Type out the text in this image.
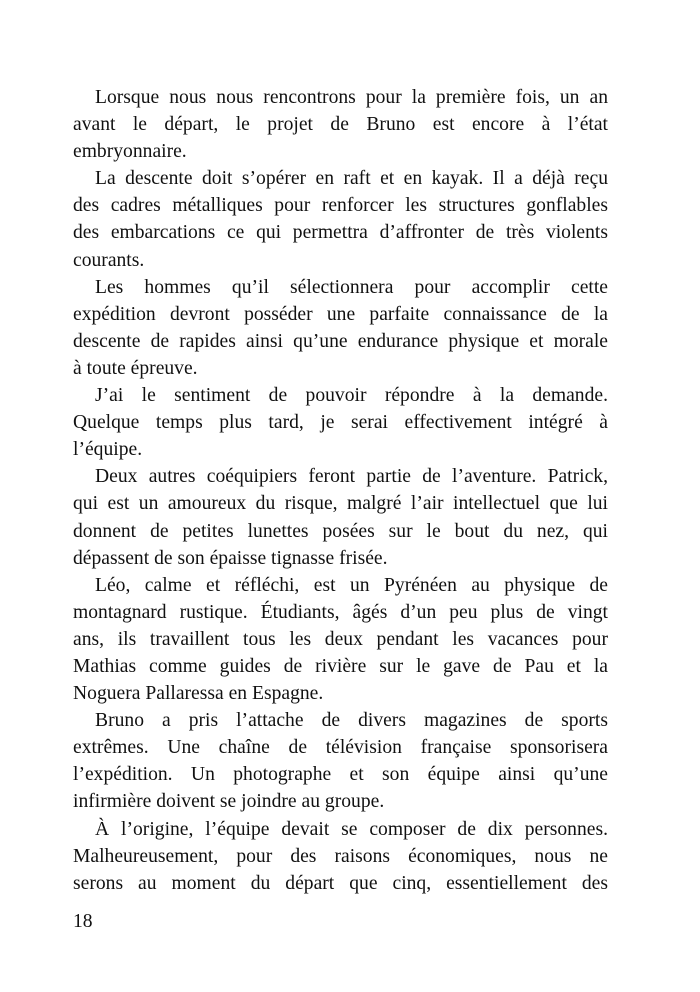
Lorsque nous nous rencontrons pour la première fois, un an
avant le départ, le projet de Bruno est encore à l’état
embryonnaire.
La descente doit s’opérer en raft et en kayak. Il a déjà reçu
des cadres métalliques pour renforcer les structures gonflables
des embarcations ce qui permettra d’affronter de très violents
courants.
Les hommes qu’il sélectionnera pour accomplir cette
expédition devront posséder une parfaite connaissance de la
descente de rapides ainsi qu’une endurance physique et morale
à toute épreuve.
J’ai le sentiment de pouvoir répondre à la demande.
Quelque temps plus tard, je serai effectivement intégré à
l’équipe.
Deux autres coéquipiers feront partie de l’aventure. Patrick,
qui est un amoureux du risque, malgré l’air intellectuel que lui
donnent de petites lunettes posées sur le bout du nez, qui
dépassent de son épaisse tignasse frisée.
Léo, calme et réfléchi, est un Pyrénéen au physique de
montagnard rustique. Étudiants, âgés d’un peu plus de vingt
ans, ils travaillent tous les deux pendant les vacances pour
Mathias comme guides de rivière sur le gave de Pau et la
Noguera Pallaressa en Espagne.
Bruno a pris l’attache de divers magazines de sports
extrêmes. Une chaîne de télévision française sponsorisera
l’expédition. Un photographe et son équipe ainsi qu’une
infirmière doivent se joindre au groupe.
À l’origine, l’équipe devait se composer de dix personnes.
Malheureusement, pour des raisons économiques, nous ne
serons au moment du départ que cinq, essentiellement des
18
